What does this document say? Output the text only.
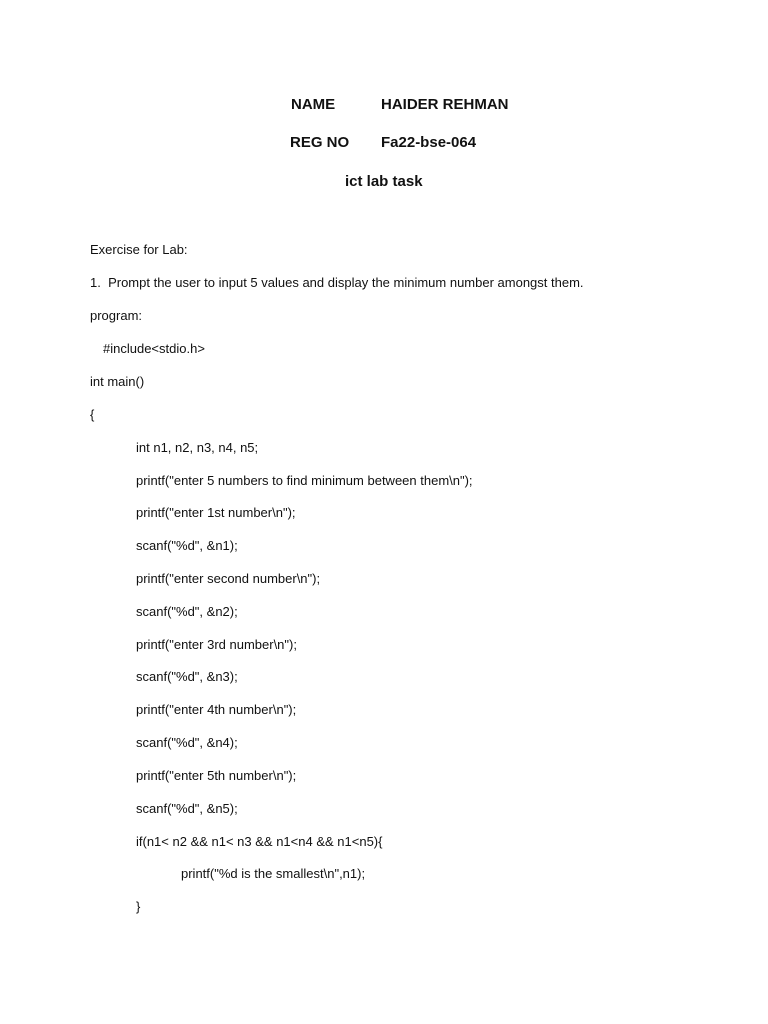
NAME	HAIDER REHMAN
REG NO Fa22-bse-064
ict lab task
Exercise for Lab:
1.  Prompt the user to input 5 values and display the minimum number amongst them.
program:
#include<stdio.h>
int main()
{
int n1, n2, n3, n4, n5;
printf("enter 5 numbers to find minimum between them\n");
printf("enter 1st number\n");
scanf("%d", &n1);
printf("enter second number\n");
scanf("%d", &n2);
printf("enter 3rd number\n");
scanf("%d", &n3);
printf("enter 4th number\n");
scanf("%d", &n4);
printf("enter 5th number\n");
scanf("%d", &n5);
if(n1< n2 && n1< n3 && n1<n4 && n1<n5){
printf("%d is the smallest\n",n1);
}
